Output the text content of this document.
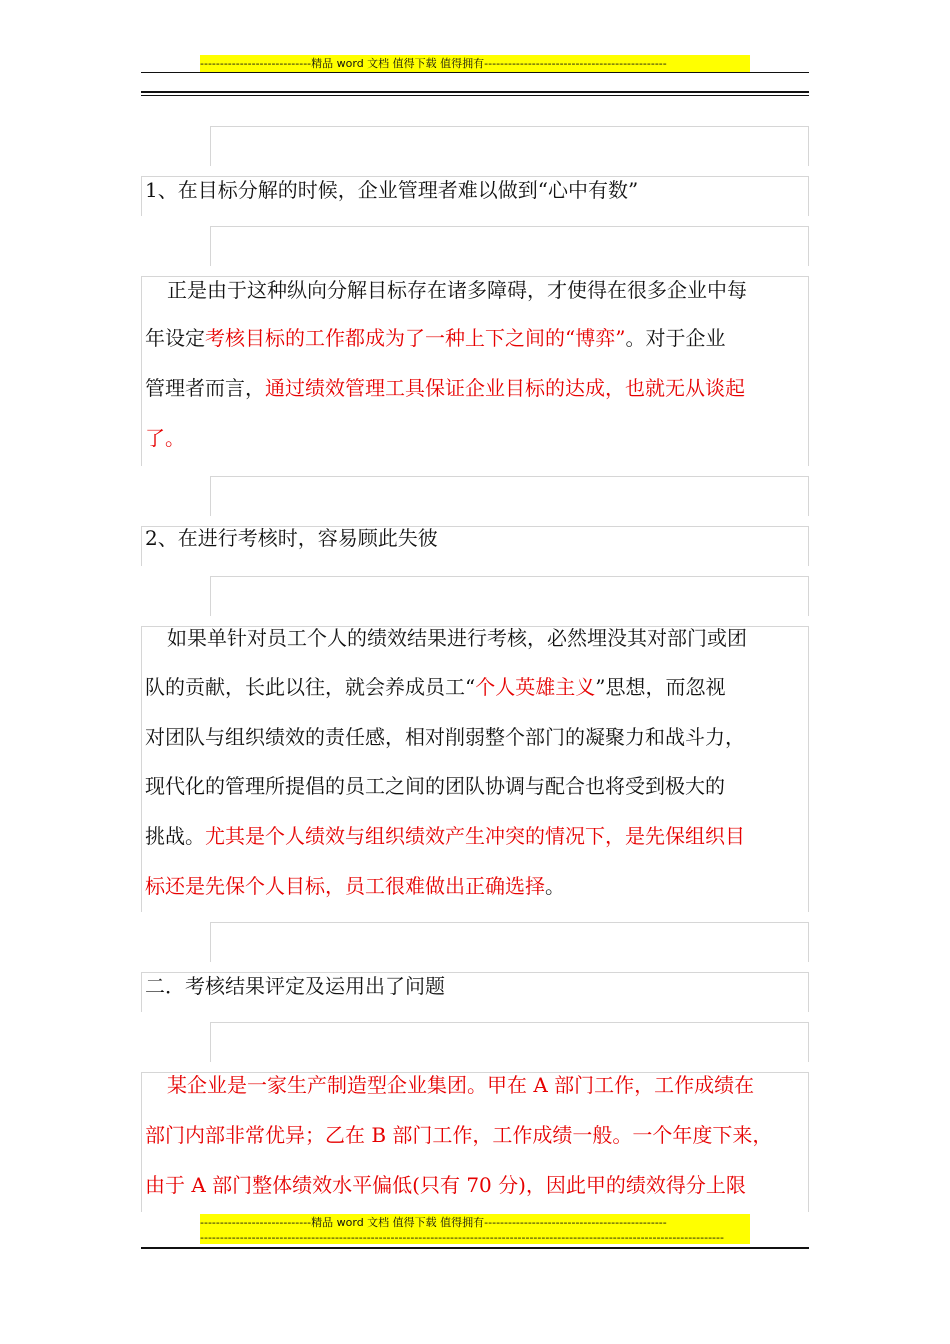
----------------------------精品 word 文档 值得下载 值得拥有----------------------------------------------
1、在目标分解的时候，企业管理者难以做到“心中有数”
正是由于这种纵向分解目标存在诸多障碍，才使得在很多企业中每
年设定考核目标的工作都成为了一种上下之间的“博弈”。对于企业
管理者而言，通过绩效管理工具保证企业目标的达成，也就无从谈起
了。
2、在进行考核时，容易顾此失彼
如果单针对员工个人的绩效结果进行考核，必然埋没其对部门或团
队的贡献，长此以往，就会养成员工“个人英雄主义”思想，而忽视
对团队与组织绩效的责任感，相对削弱整个部门的凝聚力和战斗力，
现代化的管理所提倡的员工之间的团队协调与配合也将受到极大的
挑战。尤其是个人绩效与组织绩效产生冲突的情况下，是先保组织目
标还是先保个人目标，员工很难做出正确选择。
二．考核结果评定及运用出了问题
某企业是一家生产制造型企业集团。甲在 A 部门工作，工作成绩在
部门内部非常优异；乙在 B 部门工作，工作成绩一般。一个年度下来，
由于 A 部门整体绩效水平偏低(只有 70 分)，因此甲的绩效得分上限
----------------------------精品 word 文档 值得下载 值得拥有----------------------------------------------
------------------------------------------------------------------------------------------------------------------------------------
